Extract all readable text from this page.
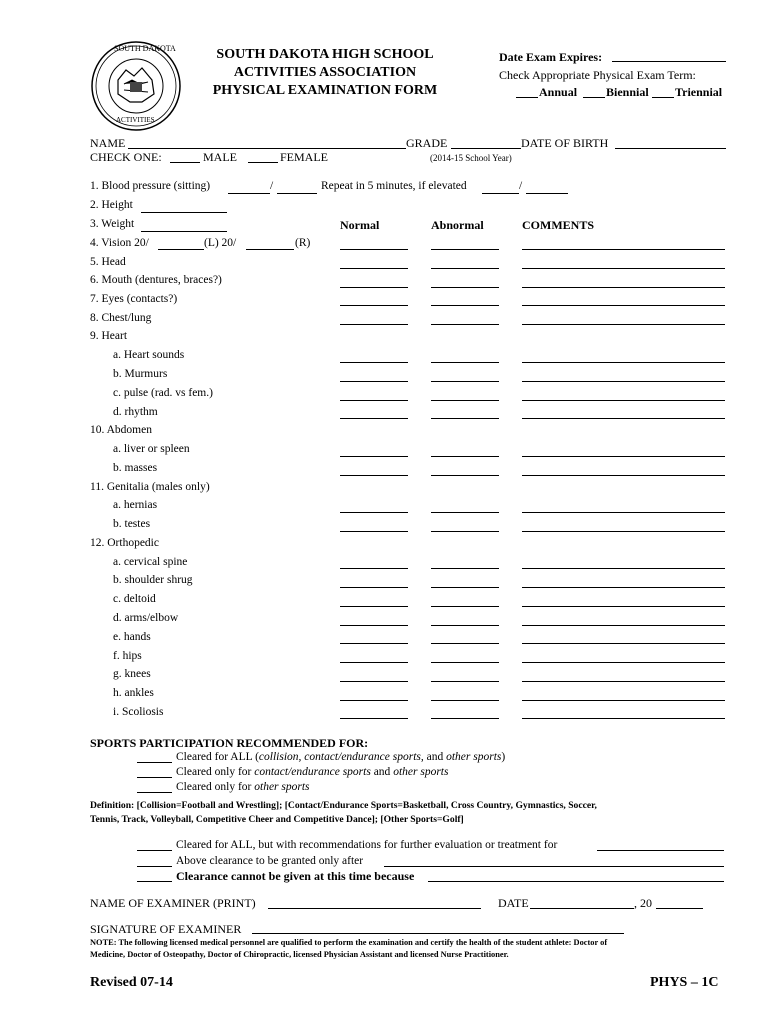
SOUTH DAKOTA
ACTIVITIES
SOUTH DAKOTA HIGH SCHOOL
ACTIVITIES ASSOCIATION
PHYSICAL EXAMINATION FORM
Date Exam Expires:
Check Appropriate Physical Exam Term:
Annual Biennial Triennial
NAME	GRADE	DATE OF BIRTH
CHECK ONE:	MALE	FEMALE	(2014-15 School Year)
1. Blood pressure (sitting)	/	Repeat in 5 minutes, if elevated	/
2. Height
3. Weight	Normal	Abnormal	COMMENTS
4. Vision 20/	(L) 20/	(R)
5. Head
6. Mouth (dentures, braces?)
7. Eyes (contacts?)
8. Chest/lung
9. Heart
a. Heart sounds
b. Murmurs
c. pulse (rad. vs fem.)
d. rhythm
10. Abdomen
a. liver or spleen
b. masses
11. Genitalia (males only)
a. hernias
b. testes
12. Orthopedic
a. cervical spine
b. shoulder shrug
c. deltoid
d. arms/elbow
e. hands
f. hips
g. knees
h. ankles
i. Scoliosis
SPORTS PARTICIPATION RECOMMENDED FOR:
Cleared for ALL (collision, contact/endurance sports, and other sports)
Cleared only for contact/endurance sports and other sports
Cleared only for other sports
Definition: [Collision=Football and Wrestling]; [Contact/Endurance Sports=Basketball, Cross Country, Gymnastics, Soccer,
Tennis, Track, Volleyball, Competitive Cheer and Competitive Dance]; [Other Sports=Golf]
Cleared for ALL, but with recommendations for further evaluation or treatment for
Above clearance to be granted only after
Clearance cannot be given at this time because
NAME OF EXAMINER (PRINT)	DATE	, 20
SIGNATURE OF EXAMINER
NOTE: The following licensed medical personnel are qualified to perform the examination and certify the health of the student athlete: Doctor of
Medicine, Doctor of Osteopathy, Doctor of Chiropractic, licensed Physician Assistant and licensed Nurse Practitioner.
Revised 07-14	PHYS – 1C
